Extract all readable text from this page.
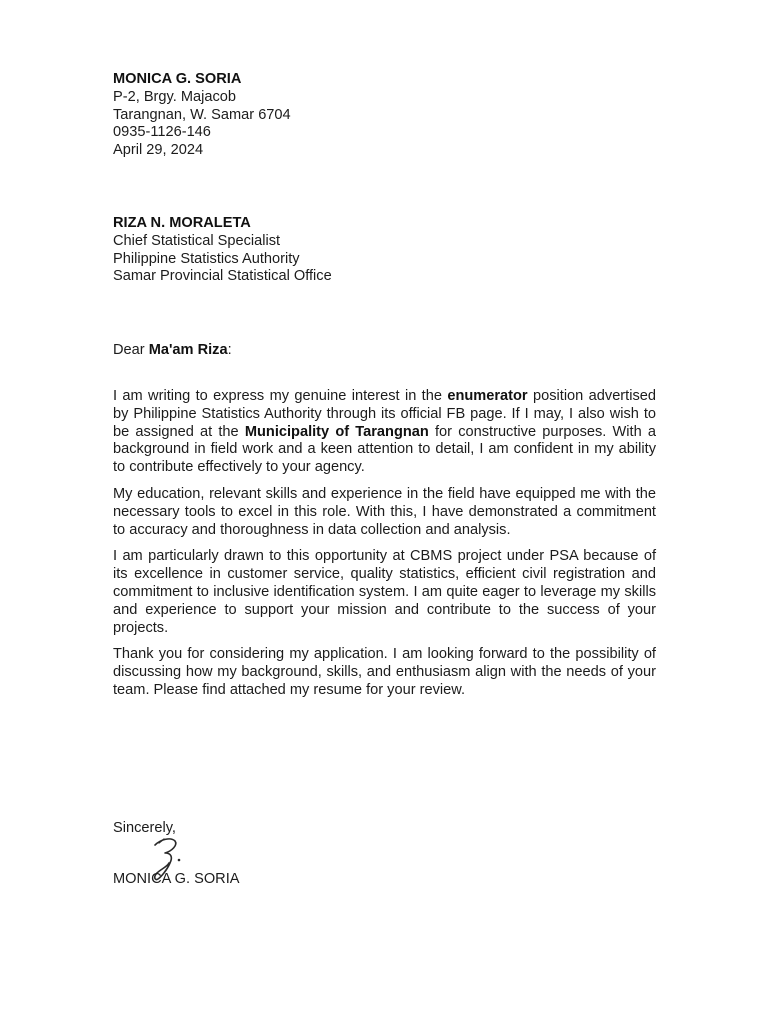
MONICA G. SORIA
P-2, Brgy. Majacob
Tarangnan, W. Samar 6704
0935-1126-146
April 29, 2024
RIZA N. MORALETA
Chief Statistical Specialist
Philippine Statistics Authority
Samar Provincial Statistical Office
Dear Ma'am Riza:

I am writing to express my genuine interest in the enumerator position advertised by Philippine Statistics Authority through its official FB page. If I may, I also wish to be assigned at the Municipality of Tarangnan for constructive purposes. With a background in field work and a keen attention to detail, I am confident in my ability to contribute effectively to your agency.

My education, relevant skills and experience in the field have equipped me with the necessary tools to excel in this role. With this, I have demonstrated a commitment to accuracy and thoroughness in data collection and analysis.

I am particularly drawn to this opportunity at CBMS project under PSA because of its excellence in customer service, quality statistics, efficient civil registration and commitment to inclusive identification system. I am quite eager to leverage my skills and experience to support your mission and contribute to the success of your projects.

Thank you for considering my application. I am looking forward to the possibility of discussing how my background, skills, and enthusiasm align with the needs of your team. Please find attached my resume for your review.

Sincerely,
MONICA G. SORIA
